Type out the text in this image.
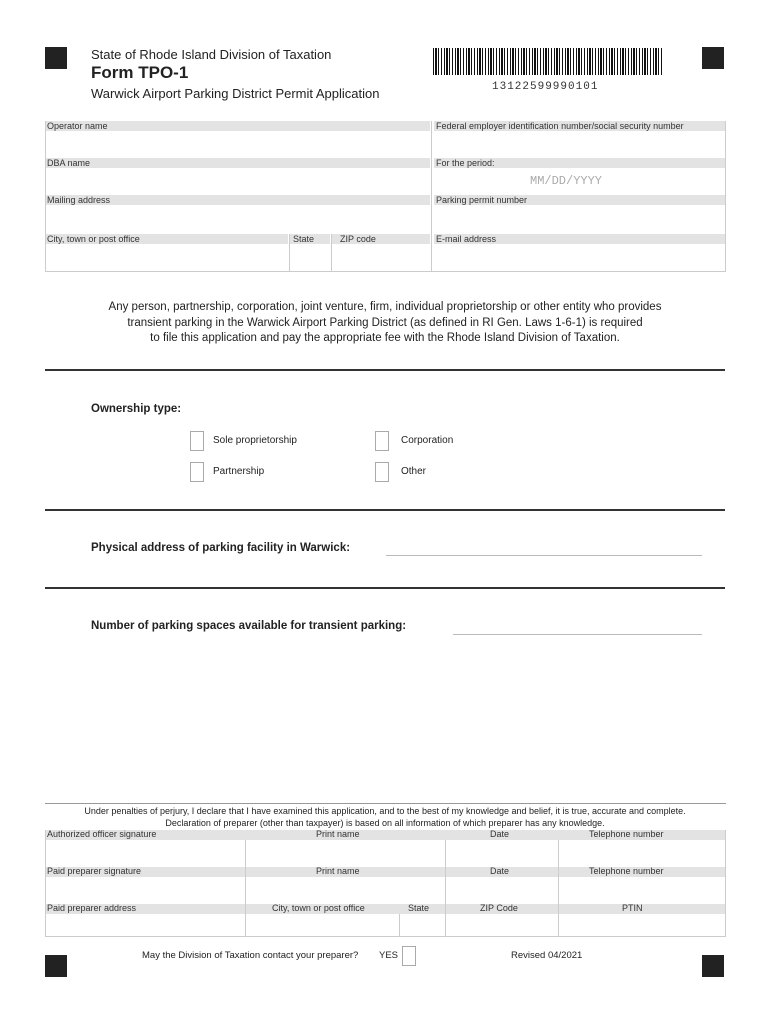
State of Rhode Island Division of Taxation
Form TPO-1
Warwick Airport Parking District Permit Application	13122599990101
Operator name	Federal employer identification number/social security number
DBA name	For the period:
MM/DD/YYYY
Mailing address	Parking permit number
City, town or post office	State	ZIP code	E-mail address
Any person, partnership, corporation, joint venture, firm, individual proprietorship or other entity who provides
transient parking in the Warwick Airport Parking District (as defined in RI Gen. Laws 1-6-1) is required
to file this application and pay the appropriate fee with the Rhode Island Division of Taxation.
Ownership type:
Sole proprietorship	Corporation
Partnership	Other
Physical address of parking facility in Warwick:
Number of parking spaces available for transient parking:
Under penalties of perjury, I declare that I have examined this application, and to the best of my knowledge and belief, it is true, accurate and complete.
Declaration of preparer (other than taxpayer) is based on all information of which preparer has any knowledge.
Authorized officer signature	Print name	Date	Telephone number
Paid preparer signature	Print name	Date	Telephone number
Paid preparer address	City, town or post office	State	ZIP Code	PTIN
May the Division of Taxation contact your preparer? YES	Revised 04/2021
